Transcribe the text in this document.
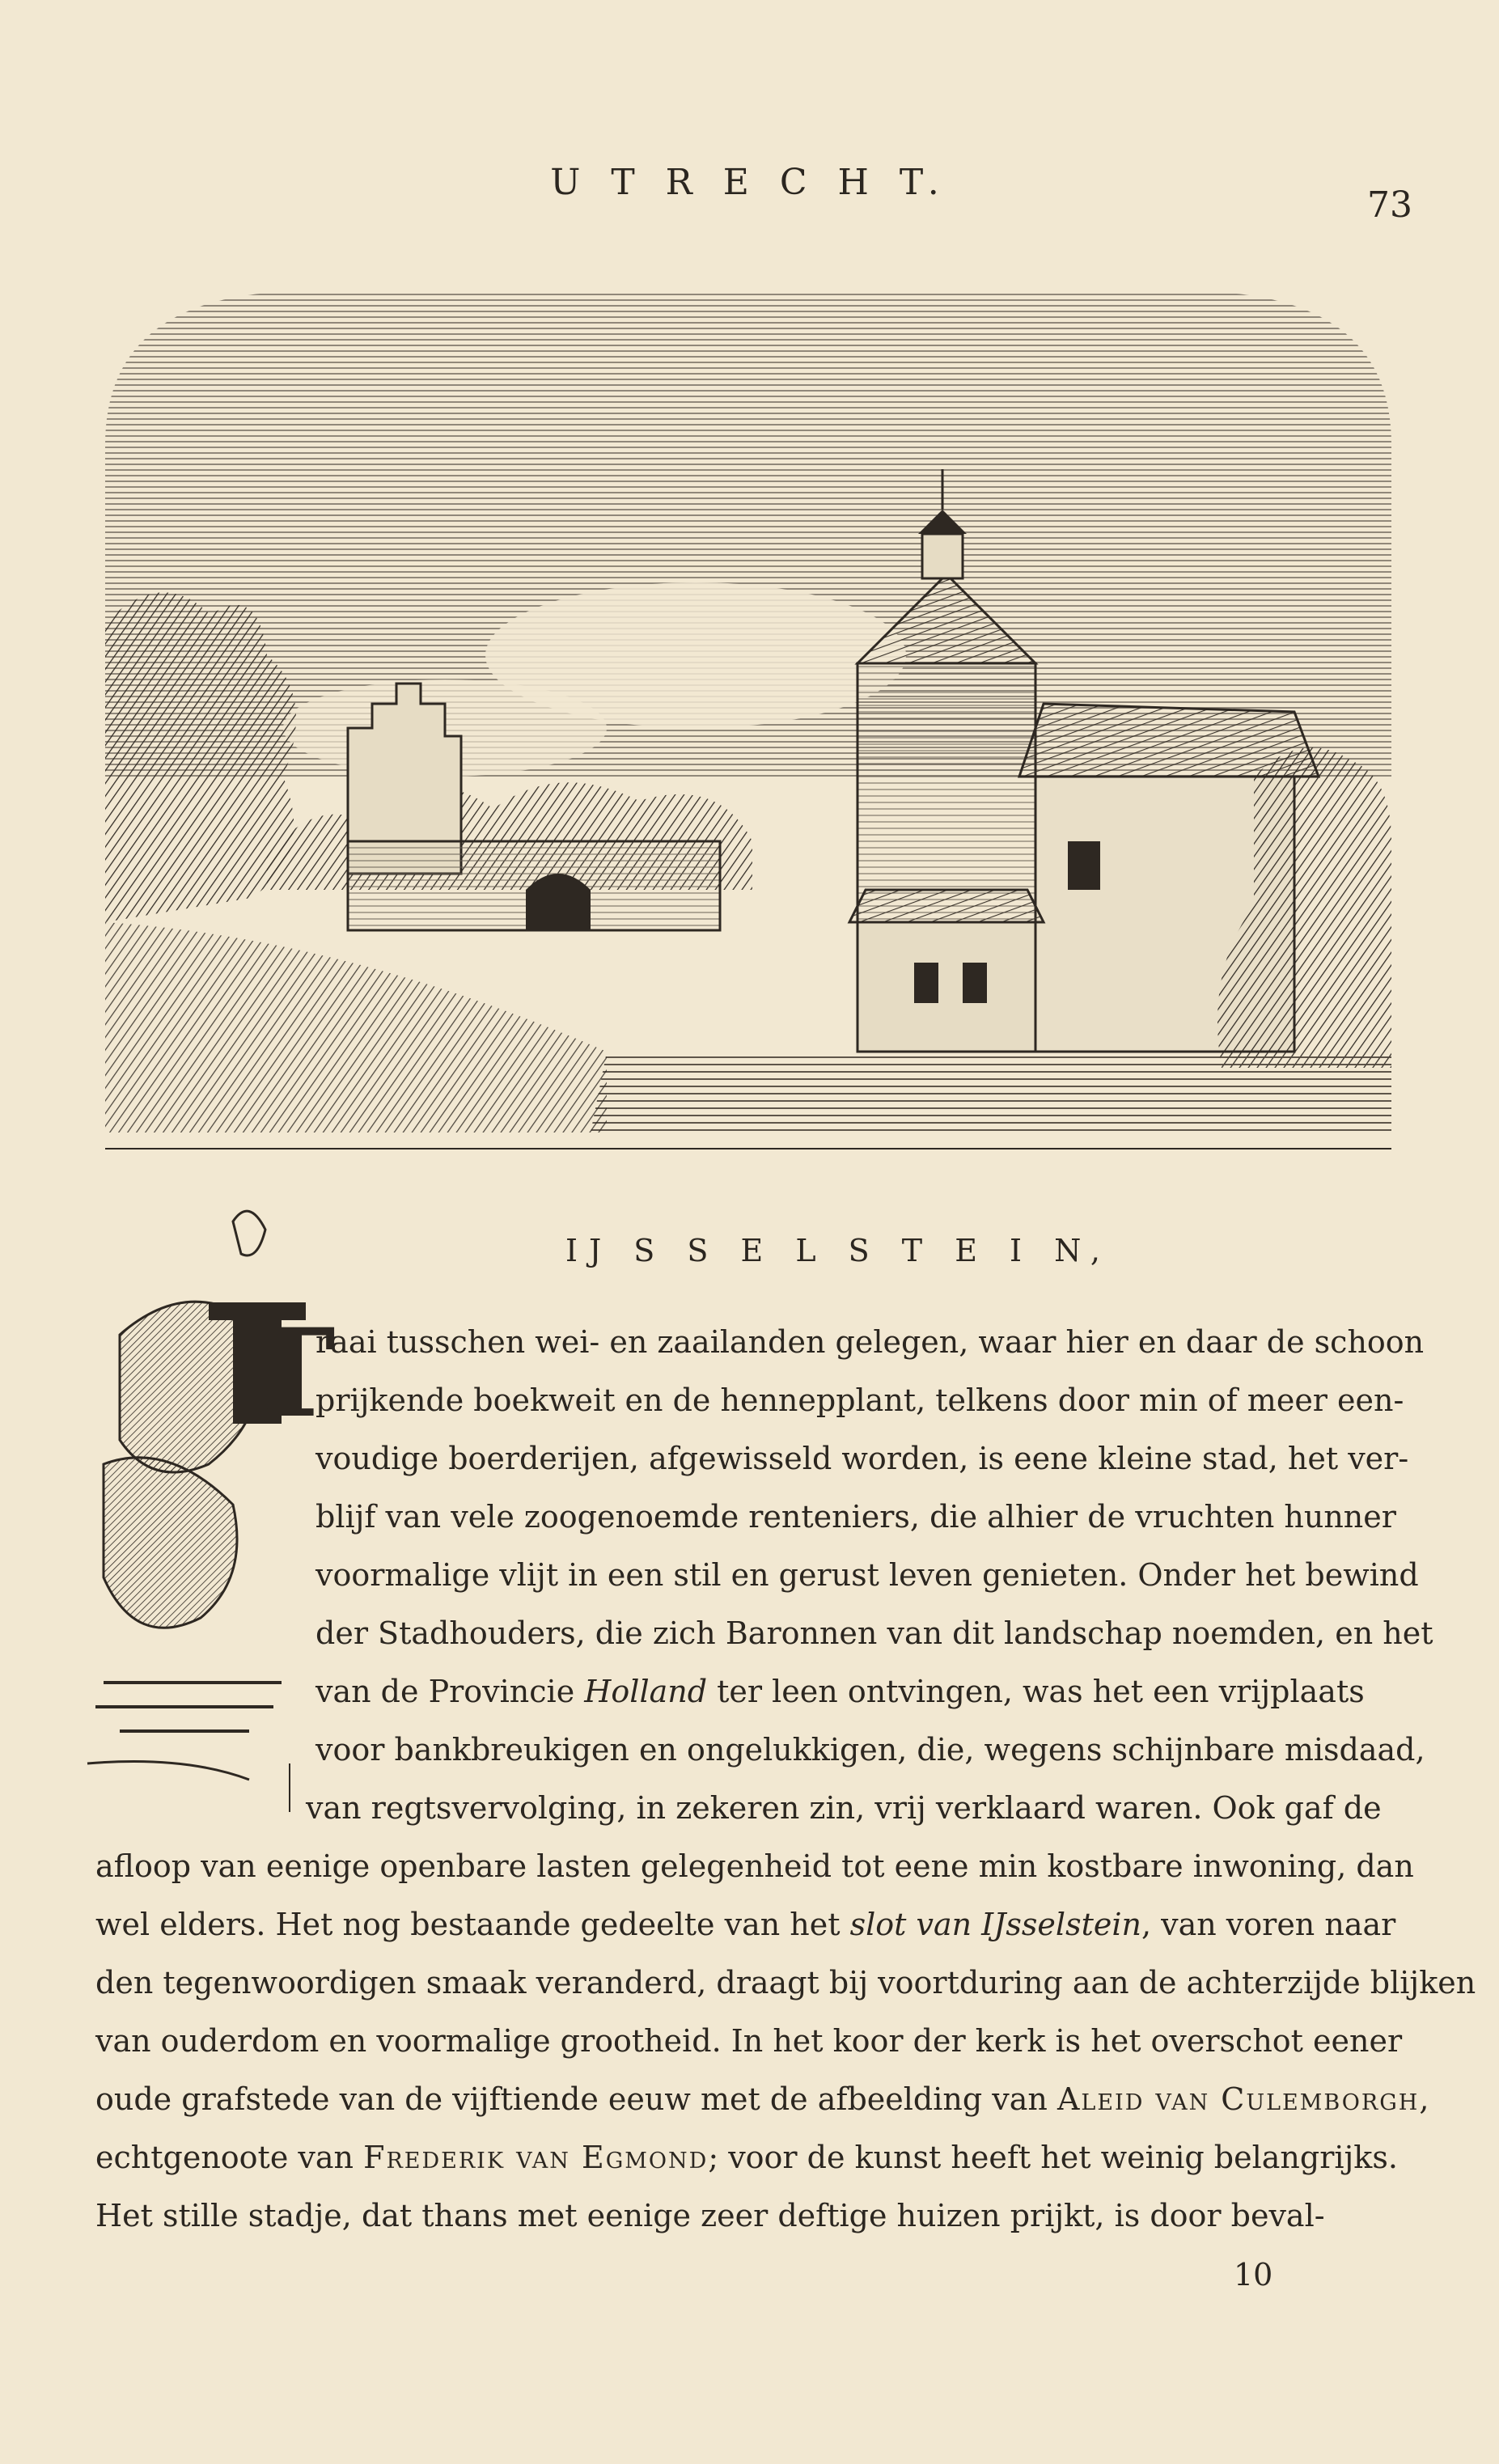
U T R E C H T.
73
IJ S S E L S T E I N,
T
raai tusschen wei- en zaailanden gelegen, waar hier en daar de schoon
prijkende boekweit en de hennepplant, telkens door min of meer een-
voudige boerderijen, afgewisseld worden, is eene kleine stad, het ver-
blijf van vele zoogenoemde renteniers, die alhier de vruchten hunner
voormalige vlijt in een stil en gerust leven genieten. Onder het bewind
der Stadhouders, die zich Baronnen van dit landschap noemden, en het
van de Provincie Holland ter leen ontvingen, was het een vrijplaats
voor bankbreukigen en ongelukkigen, die, wegens schijnbare misdaad,
van regtsvervolging, in zekeren zin, vrij verklaard waren. Ook gaf de
afloop van eenige openbare lasten gelegenheid tot eene min kostbare inwoning, dan
wel elders. Het nog bestaande gedeelte van het slot van IJsselstein, van voren naar
den tegenwoordigen smaak veranderd, draagt bij voortduring aan de achterzijde blijken
van ouderdom en voormalige grootheid. In het koor der kerk is het overschot eener
oude grafstede van de vijftiende eeuw met de afbeelding van Aleid van Culemborgh,
echtgenoote van Frederik van Egmond; voor de kunst heeft het weinig belangrijks.
Het stille stadje, dat thans met eenige zeer deftige huizen prijkt, is door beval-
10
